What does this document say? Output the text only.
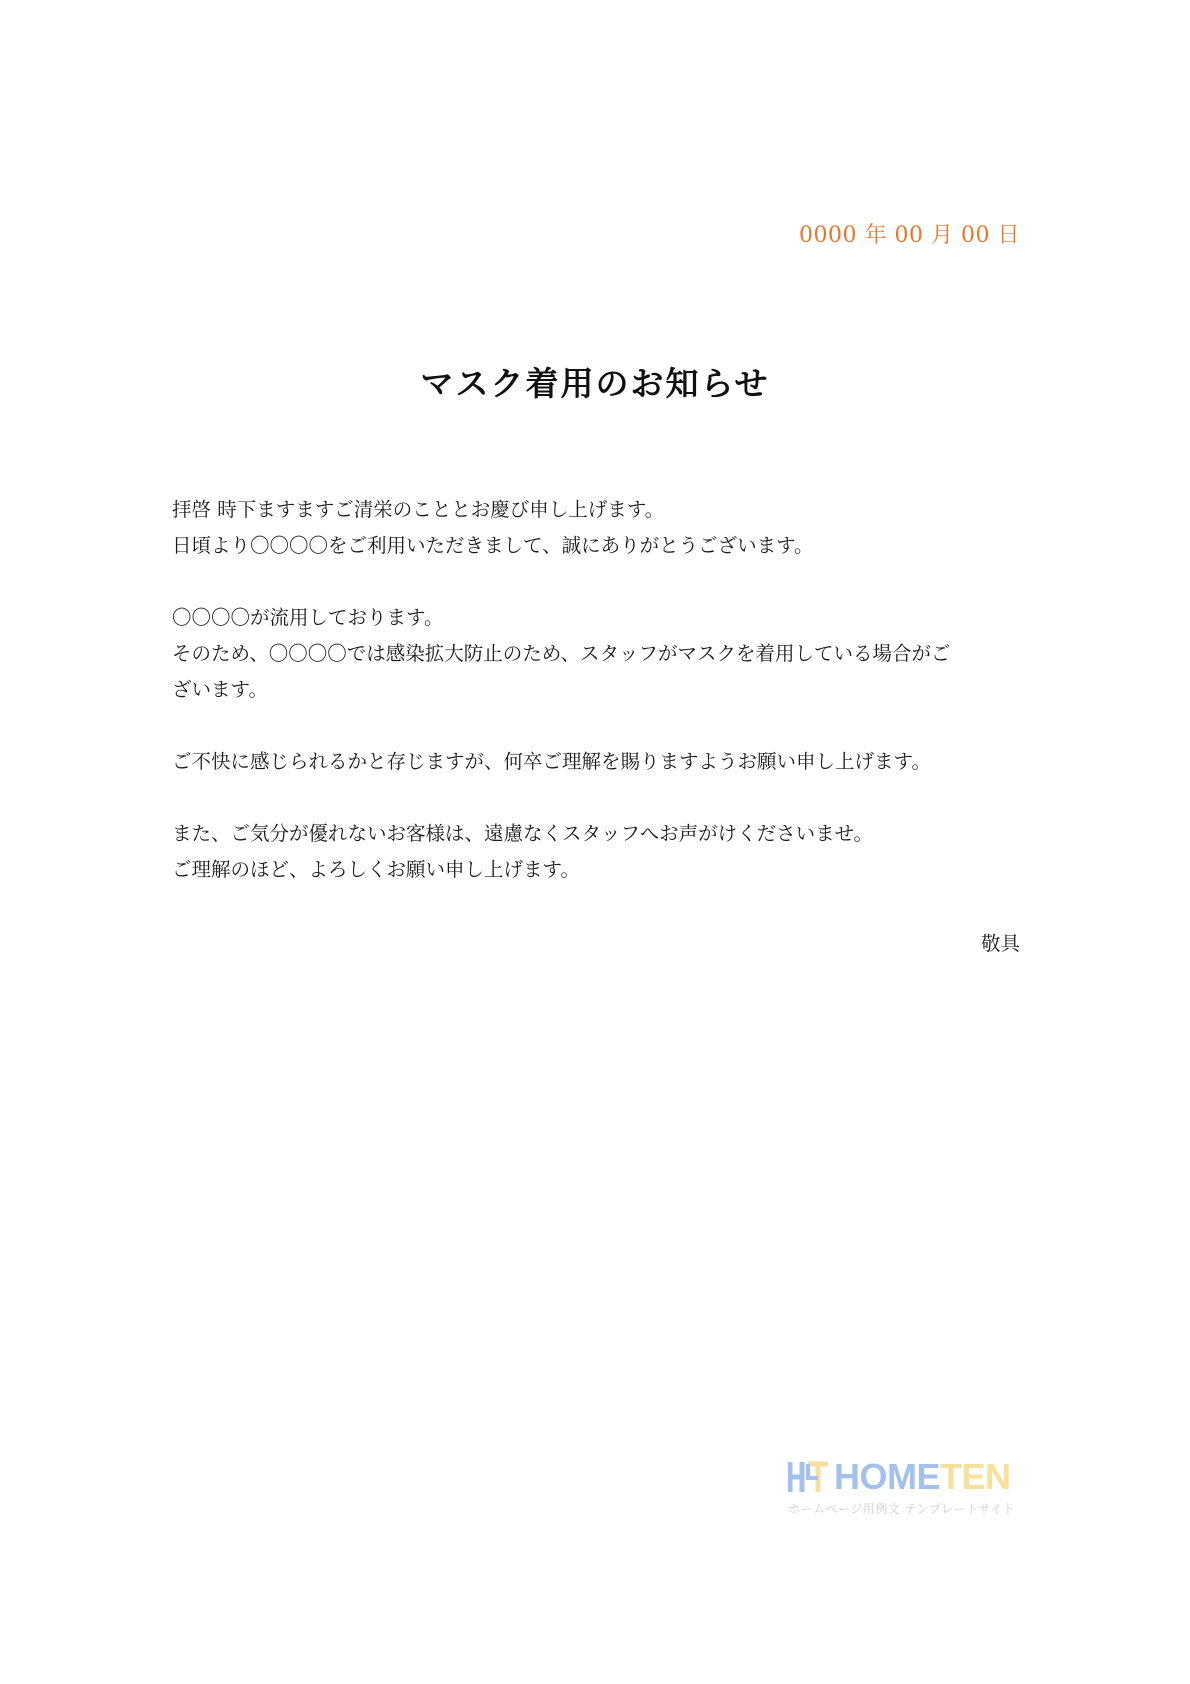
0000 年 00 月 00 日
マスク着用のお知らせ
拝啓 時下ますますご清栄のこととお慶び申し上げます。
日頃より〇〇〇〇をご利用いただきまして、誠にありがとうございます。
〇〇〇〇が流用しております。
そのため、〇〇〇〇では感染拡大防止のため、スタッフがマスクを着用している場合がご
ざいます。
ご不快に感じられるかと存じますが、何卒ご理解を賜りますようお願い申し上げます。
また、ご気分が優れないお客様は、遠慮なくスタッフへお声がけくださいませ。
ご理解のほど、よろしくお願い申し上げます。
敬具
HOMETEN
ホームページ用例文 テンプレートサイト
